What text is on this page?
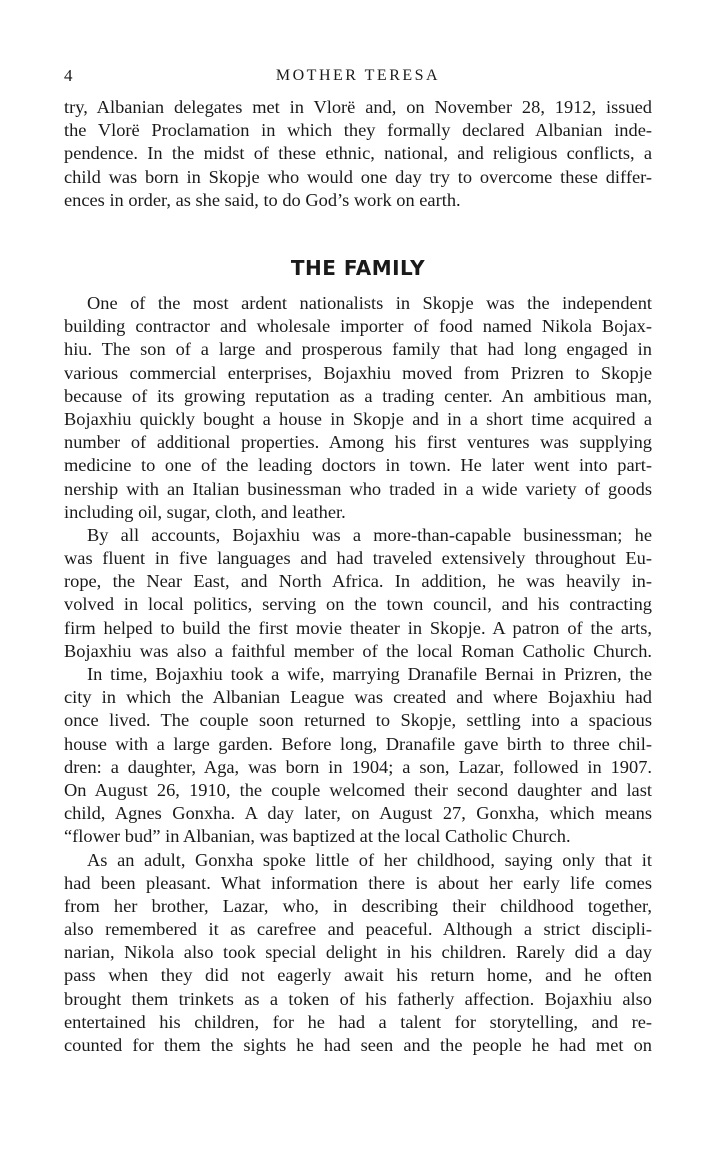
4	MOTHER TERESA
try, Albanian delegates met in Vlorë and, on November 28, 1912, issued
the Vlorë Proclamation in which they formally declared Albanian inde-
pendence. In the midst of these ethnic, national, and religious conflicts, a
child was born in Skopje who would one day try to overcome these differ-
ences in order, as she said, to do God’s work on earth.
THE FAMILY
One of the most ardent nationalists in Skopje was the independent
building contractor and wholesale importer of food named Nikola Bojax-
hiu. The son of a large and prosperous family that had long engaged in
various commercial enterprises, Bojaxhiu moved from Prizren to Skopje
because of its growing reputation as a trading center. An ambitious man,
Bojaxhiu quickly bought a house in Skopje and in a short time acquired a
number of additional properties. Among his first ventures was supplying
medicine to one of the leading doctors in town. He later went into part-
nership with an Italian businessman who traded in a wide variety of goods
including oil, sugar, cloth, and leather.
By all accounts, Bojaxhiu was a more-than-capable businessman; he
was fluent in five languages and had traveled extensively throughout Eu-
rope, the Near East, and North Africa. In addition, he was heavily in-
volved in local politics, serving on the town council, and his contracting
firm helped to build the first movie theater in Skopje. A patron of the arts,
Bojaxhiu was also a faithful member of the local Roman Catholic Church.
In time, Bojaxhiu took a wife, marrying Dranafile Bernai in Prizren, the
city in which the Albanian League was created and where Bojaxhiu had
once lived. The couple soon returned to Skopje, settling into a spacious
house with a large garden. Before long, Dranafile gave birth to three chil-
dren: a daughter, Aga, was born in 1904; a son, Lazar, followed in 1907.
On August 26, 1910, the couple welcomed their second daughter and last
child, Agnes Gonxha. A day later, on August 27, Gonxha, which means
“flower bud” in Albanian, was baptized at the local Catholic Church.
As an adult, Gonxha spoke little of her childhood, saying only that it
had been pleasant. What information there is about her early life comes
from her brother, Lazar, who, in describing their childhood together,
also remembered it as carefree and peaceful. Although a strict discipli-
narian, Nikola also took special delight in his children. Rarely did a day
pass when they did not eagerly await his return home, and he often
brought them trinkets as a token of his fatherly affection. Bojaxhiu also
entertained his children, for he had a talent for storytelling, and re-
counted for them the sights he had seen and the people he had met on
